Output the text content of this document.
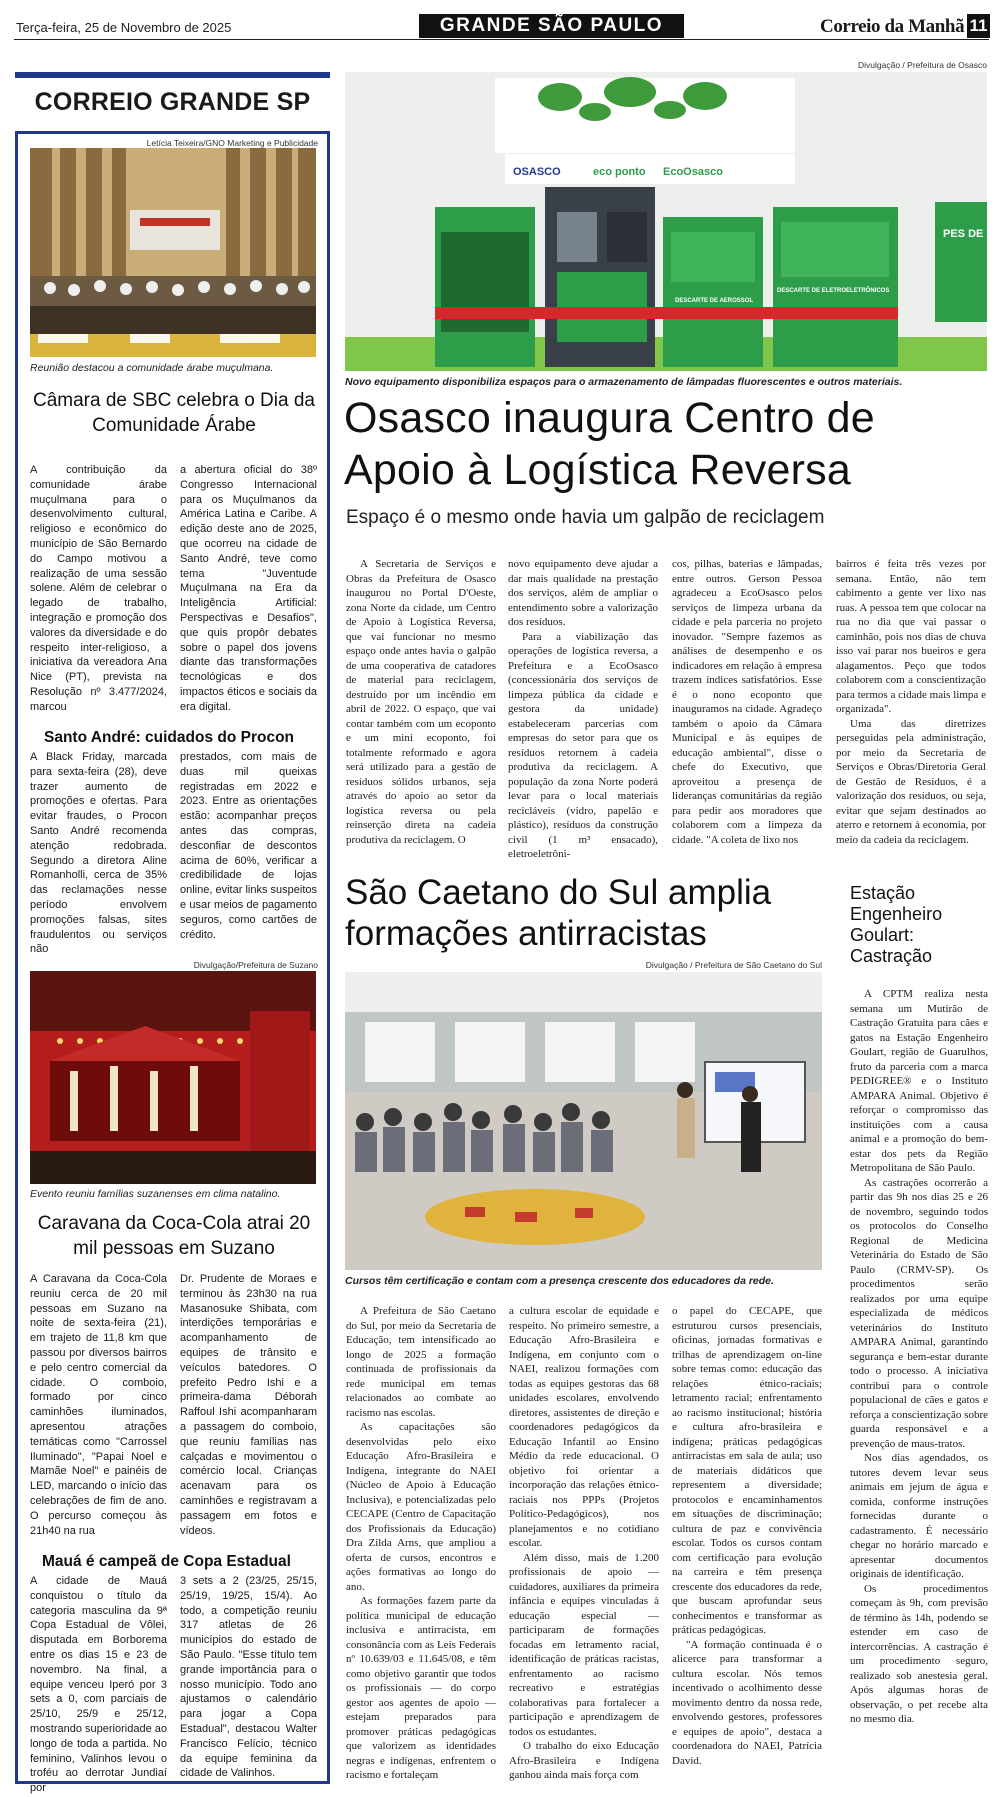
Terça-feira, 25 de Novembro de 2025	GRANDE SÃO PAULO	Correio da Manhã 11
CORREIO GRANDE SP
Letícia Teixeira/GNO Marketing e Publicidade
Reunião destacou a comunidade árabe muçulmana.
Câmara de SBC celebra o Dia da Comunidade Árabe
A contribuição da comunidade árabe muçulmana para o desenvolvimento cultural, religioso e econômico do município de São Bernardo do Campo motivou a realização de uma sessão solene. Além de celebrar o legado de trabalho, integração e promoção dos valores da diversidade e do respeito inter-religioso, a iniciativa da vereadora Ana Nice (PT), prevista na Resolução nº 3.477/2024, marcou
a abertura oficial do 38º Congresso Internacional para os Muçulmanos da América Latina e Caribe. A edição deste ano de 2025, que ocorreu na cidade de Santo André, teve como tema "Juventude Muçulmana na Era da Inteligência Artificial: Perspectivas e Desafios", que quis propôr debates sobre o papel dos jovens diante das transformações tecnológicas e dos impactos éticos e sociais da era digital.
Santo André: cuidados do Procon
A Black Friday, marcada para sexta-feira (28), deve trazer aumento de promoções e ofertas. Para evitar fraudes, o Procon Santo André recomenda atenção redobrada. Segundo a diretora Aline Romanholli, cerca de 35% das reclamações nesse período envolvem promoções falsas, sites fraudulentos ou serviços não
prestados, com mais de duas mil queixas registradas em 2022 e 2023. Entre as orientações estão: acompanhar preços antes das compras, desconfiar de descontos acima de 60%, verificar a credibilidade de lojas online, evitar links suspeitos e usar meios de pagamento seguros, como cartões de crédito.
Divulgação/Prefeitura de Suzano
Evento reuniu famílias suzanenses em clima natalino.
Caravana da Coca-Cola atrai 20 mil pessoas em Suzano
A Caravana da Coca-Cola reuniu cerca de 20 mil pessoas em Suzano na noite de sexta-feira (21), em trajeto de 11,8 km que passou por diversos bairros e pelo centro comercial da cidade. O comboio, formado por cinco caminhões iluminados, apresentou atrações temáticas como "Carrossel Iluminado", "Papai Noel e Mamãe Noel" e painéis de LED, marcando o início das celebrações de fim de ano. O percurso começou às 21h40 na rua
Dr. Prudente de Moraes e terminou às 23h30 na rua Masanosuke Shibata, com interdições temporárias e acompanhamento de equipes de trânsito e veículos batedores. O prefeito Pedro Ishi e a primeira-dama Déborah Raffoul Ishi acompanharam a passagem do comboio, que reuniu famílias nas calçadas e movimentou o comércio local. Crianças acenavam para os caminhões e registravam a passagem em fotos e vídeos.
Mauá é campeã de Copa Estadual
A cidade de Mauá conquistou o título da categoria masculina da 9ª Copa Estadual de Vôlei, disputada em Borborema entre os dias 15 e 23 de novembro. Na final, a equipe venceu Iperó por 3 sets a 0, com parciais de 25/10, 25/9 e 25/12, mostrando superioridade ao longo de toda a partida. No feminino, Valinhos levou o troféu ao derrotar Jundiaí por
3 sets a 2 (23/25, 25/15, 25/19, 19/25, 15/4). Ao todo, a competição reuniu 317 atletas de 26 municípios do estado de São Paulo. "Esse título tem grande importância para o nosso município. Todo ano ajustamos o calendário para jogar a Copa Estadual", destacou Walter Francisco Felício, técnico da equipe feminina da cidade de Valinhos.
Divulgação / Prefeitura de Osasco
OSASCO	eco ponto EcoOsasco
DESCARTE DE AEROSSOL
DESCARTE DE ELETROELETRÔNICOS
PES DE RE
Novo equipamento disponibiliza espaços para o armazenamento de lâmpadas fluorescentes e outros materiais.
Osasco inaugura Centro de Apoio à Logística Reversa
Espaço é o mesmo onde havia um galpão de reciclagem

A Secretaria de Serviços e Obras da Prefeitura de Osasco inaugurou no Portal D'Oeste, zona Norte da cidade, um Centro de Apoio à Logística Reversa, que vai funcionar no mesmo espaço onde antes havia o galpão de uma cooperativa de catadores de material para reciclagem, destruído por um incêndio em abril de 2022. O espaço, que vai contar também com um ecoponto e um mini ecoponto, foi totalmente reformado e agora será utilizado para a gestão de resíduos sólidos urbanos, seja através do apoio ao setor da logística reversa ou pela reinserção direta na cadeia produtiva da reciclagem. O

novo equipamento deve ajudar a dar mais qualidade na prestação dos serviços, além de ampliar o entendimento sobre a valorização dos resíduos.

Para a viabilização das operações de logística reversa, a Prefeitura e a EcoOsasco (concessionária dos serviços de limpeza pública da cidade e gestora da unidade) estabeleceram parcerias com empresas do setor para que os resíduos retornem à cadeia produtiva da reciclagem. A população da zona Norte poderá levar para o local materiais recicláveis (vidro, papelão e plástico), resíduos da construção civil (1 m³ ensacado), eletroeletrôni-

cos, pilhas, baterias e lâmpadas, entre outros. Gerson Pessoa agradeceu a EcoOsasco pelos serviços de limpeza urbana da cidade e pela parceria no projeto inovador. "Sempre fazemos as análises de desempenho e os indicadores em relação à empresa trazem índices satisfatórios. Esse é o nono ecoponto que inauguramos na cidade. Agradeço também o apoio da Câmara Municipal e às equipes de educação ambiental", disse o chefe do Executivo, que aproveitou a presença de lideranças comunitárias da região para pedir aos moradores que colaborem com a limpeza da cidade. "A coleta de lixo nos

bairros é feita três vezes por semana. Então, não tem cabimento a gente ver lixo nas ruas. A pessoa tem que colocar na rua no dia que vai passar o caminhão, pois nos dias de chuva isso vai parar nos bueiros e gera alagamentos. Peço que todos colaborem com a conscientização para termos a cidade mais limpa e organizada".

Uma das diretrizes perseguidas pela administração, por meio da Secretaria de Serviços e Obras/Diretoria Geral de Gestão de Resíduos, é a valorização dos resíduos, ou seja, evitar que sejam destinados ao aterro e retornem à economia, por meio da cadeia da reciclagem.

São Caetano do Sul amplia formações antirracistas
Divulgação / Prefeitura de São Caetano do Sul
Cursos têm certificação e contam com a presença crescente dos educadores da rede.

A Prefeitura de São Caetano do Sul, por meio da Secretaria de Educação, tem intensificado ao longo de 2025 a formação continuada de profissionais da rede municipal em temas relacionados ao combate ao racismo nas escolas.

As capacitações são desenvolvidas pelo eixo Educação Afro-Brasileira e Indígena, integrante do NAEI (Núcleo de Apoio à Educação Inclusiva), e potencializadas pelo CECAPE (Centro de Capacitação dos Profissionais da Educação) Dra Zilda Arns, que ampliou a oferta de cursos, encontros e ações formativas ao longo do ano.

As formações fazem parte da política municipal de educação inclusiva e antirracista, em consonância com as Leis Federais nº 10.639/03 e 11.645/08, e têm como objetivo garantir que todos os profissionais — do corpo gestor aos agentes de apoio — estejam preparados para promover práticas pedagógicas que valorizem as identidades negras e indígenas, enfrentem o racismo e fortaleçam

a cultura escolar de equidade e respeito. No primeiro semestre, a Educação Afro-Brasileira e Indígena, em conjunto com o NAEI, realizou formações com todas as equipes gestoras das 68 unidades escolares, envolvendo diretores, assistentes de direção e coordenadores pedagógicos da Educação Infantil ao Ensino Médio da rede educacional. O objetivo foi orientar a incorporação das relações étnico-raciais nos PPPs (Projetos Político-Pedagógicos), nos planejamentos e no cotidiano escolar.

Além disso, mais de 1.200 profissionais de apoio — cuidadores, auxiliares da primeira infância e equipes vinculadas à educação especial — participaram de formações focadas em letramento racial, identificação de práticas racistas, enfrentamento ao racismo recreativo e estratégias colaborativas para fortalecer a participação e aprendizagem de todos os estudantes.

O trabalho do eixo Educação Afro-Brasileira e Indígena ganhou ainda mais força com

o papel do CECAPE, que estruturou cursos presenciais, oficinas, jornadas formativas e trilhas de aprendizagem on-line sobre temas como: educação das relações étnico-raciais; letramento racial; enfrentamento ao racismo institucional; história e cultura afro-brasileira e indígena; práticas pedagógicas antirracistas em sala de aula; uso de materiais didáticos que representem a diversidade; protocolos e encaminhamentos em situações de discriminação; cultura de paz e convivência escolar. Todos os cursos contam com certificação para evolução na carreira e têm presença crescente dos educadores da rede, que buscam aprofundar seus conhecimentos e transformar as práticas pedagógicas.

"A formação continuada é o alicerce para transformar a cultura escolar. Nós temos incentivado o acolhimento desse movimento dentro da nossa rede, envolvendo gestores, professores e equipes de apoio", destaca a coordenadora do NAEI, Patrícia David.

Estação Engenheiro Goulart: Castração

A CPTM realiza nesta semana um Mutirão de Castração Gratuita para cães e gatos na Estação Engenheiro Goulart, região de Guarulhos, fruto da parceria com a marca PEDIGREE® e o Instituto AMPARA Animal. Objetivo é reforçar o compromisso das instituições com a causa animal e a promoção do bem-estar dos pets da Região Metropolitana de São Paulo.

As castrações ocorrerão a partir das 9h nos dias 25 e 26 de novembro, seguindo todos os protocolos do Conselho Regional de Medicina Veterinária do Estado de São Paulo (CRMV-SP). Os procedimentos serão realizados por uma equipe especializada de médicos veterinários do Instituto AMPARA Animal, garantindo segurança e bem-estar durante todo o processo. A iniciativa contribui para o controle populacional de cães e gatos e reforça a conscientização sobre guarda responsável e a prevenção de maus-tratos.

Nos dias agendados, os tutores devem levar seus animais em jejum de água e comida, conforme instruções fornecidas durante o cadastramento. É necessário chegar no horário marcado e apresentar documentos originais de identificação.

Os procedimentos começam às 9h, com previsão de término às 14h, podendo se estender em caso de intercorrências. A castração é um procedimento seguro, realizado sob anestesia geral. Após algumas horas de observação, o pet recebe alta no mesmo dia.
